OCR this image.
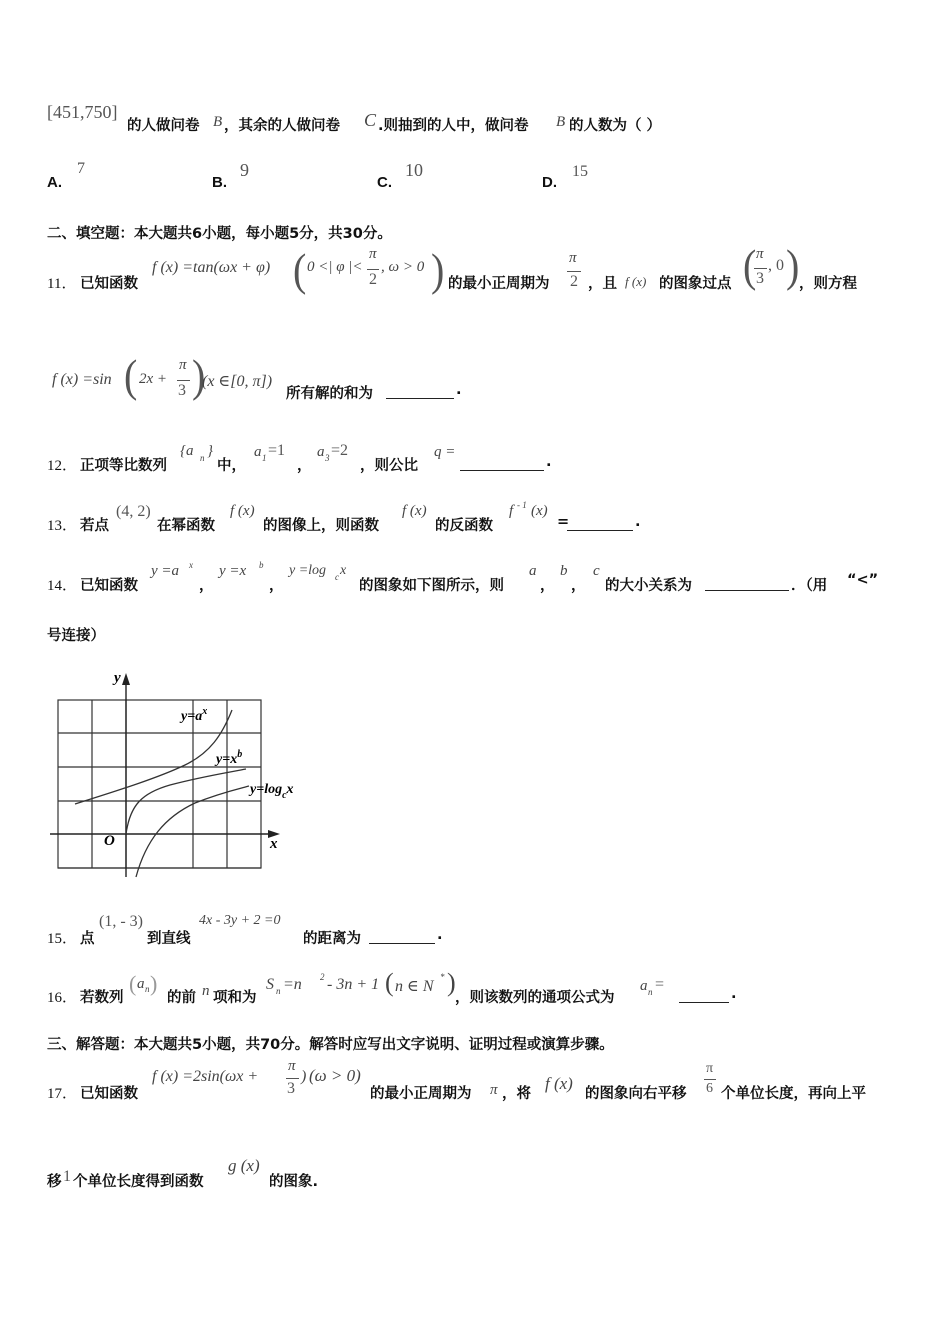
[451,750]
的人做问卷 B ，其余的人做问卷 C .则抽到的人中，做问卷 B 的人数为（ ）
A.
7
B.
9
C.
10
D.
15
二、填空题：本大题共6小题，每小题5分，共30分。
11． 已知函数
f (x) =tan(ωx + φ) ( 0 <| φ |<
π
2
, ω > 0 ) 的最小正周期为
π
2 ，且 f (x) 的图象过点 ( π
3
, 0 ) ，则方程
f (x) =sin ( 2x +
π
3 )
(x ∈[0, π])
所有解的和为	.
12． 正项等比数列
{a n }
中，
a 1 =1
，
a 3 =2
，则公比
q =
.
13． 若点
(4, 2)
在幂函数
f (x)
的图像上，则函数
f (x)
的反函数
f - 1 (x)
=	.
14． 已知函数
y =a x
，
y =x b
，
y =log c x
的图象如下图所示，则
a
，
b
，
c
的大小关系为	．（用 “<”
号连接）
y
x
O
$y=a^x$
$y=x^b$
$y=\log_cx$
15． 点
(1, - 3)
到直线
4x - 3y + 2 =0
的距离为	.
16． 若数列
( a n )
的前 n 项和为
S n =n 2 - 3n + 1 ( n ∈ N
* )
，则该数列的通项公式为
a n =
.
三、解答题：本大题共5小题，共70分。解答时应写出文字说明、证明过程或演算步骤。
17． 已知函数
f (x) =2sin(ωx +
π
3
) (ω > 0)
的最小正周期为 π ，将
f (x)
的图象向右平移
π
6 个单位长度，再向上平
移 1 个单位长度得到函数
g (x)
的图象.
